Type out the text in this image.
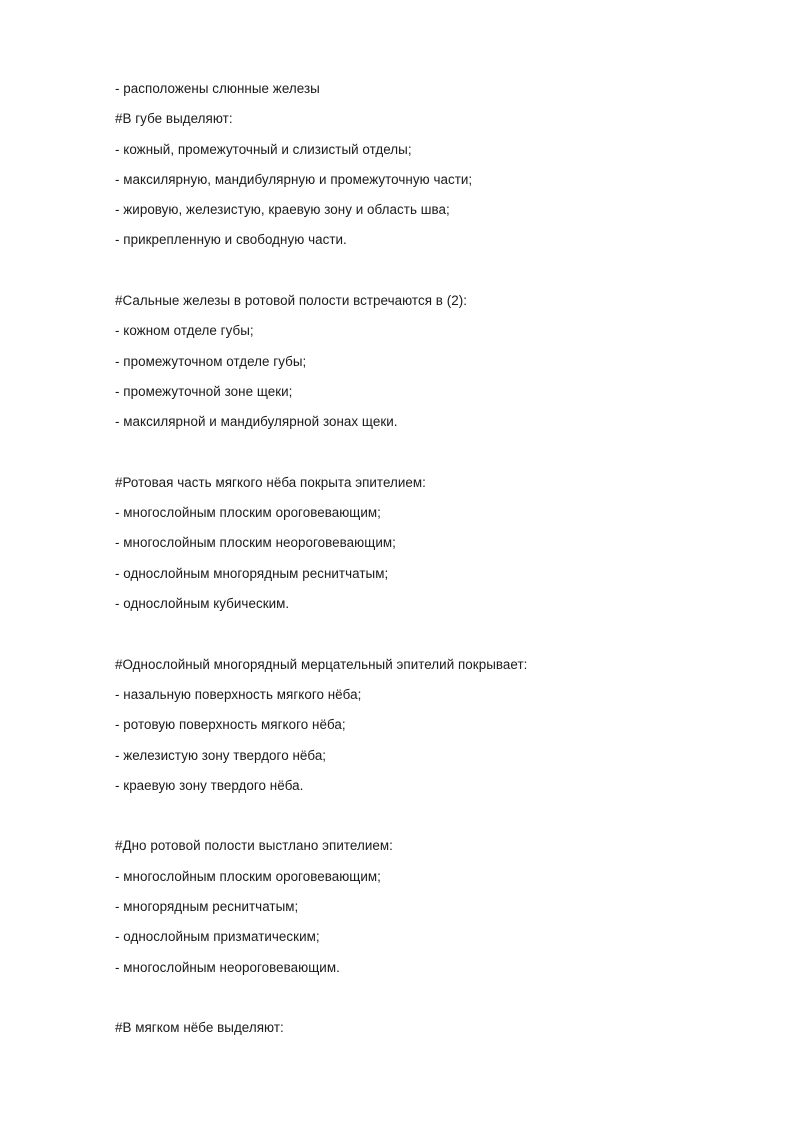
- расположены слюнные железы
#В губе выделяют:
- кожный, промежуточный и слизистый отделы;
- максилярную, мандибулярную и промежуточную части;
- жировую, железистую, краевую зону и область шва;
- прикрепленную и свободную части.
#Сальные железы в ротовой полости встречаются в (2):
- кожном отделе губы;
- промежуточном отделе губы;
- промежуточной зоне щеки;
- максилярной и мандибулярной зонах щеки.
#Ротовая часть мягкого нёба покрыта эпителием:
- многослойным плоским ороговевающим;
- многослойным плоским неороговевающим;
- однослойным многорядным реснитчатым;
- однослойным кубическим.
#Однослойный многорядный мерцательный эпителий покрывает:
- назальную поверхность мягкого нёба;
- ротовую поверхность мягкого нёба;
- железистую зону твердого нёба;
- краевую зону твердого нёба.
#Дно ротовой полости выстлано эпителием:
- многослойным плоским ороговевающим;
- многорядным реснитчатым;
- однослойным призматическим;
- многослойным неороговевающим.
#В мягком нёбе выделяют:
